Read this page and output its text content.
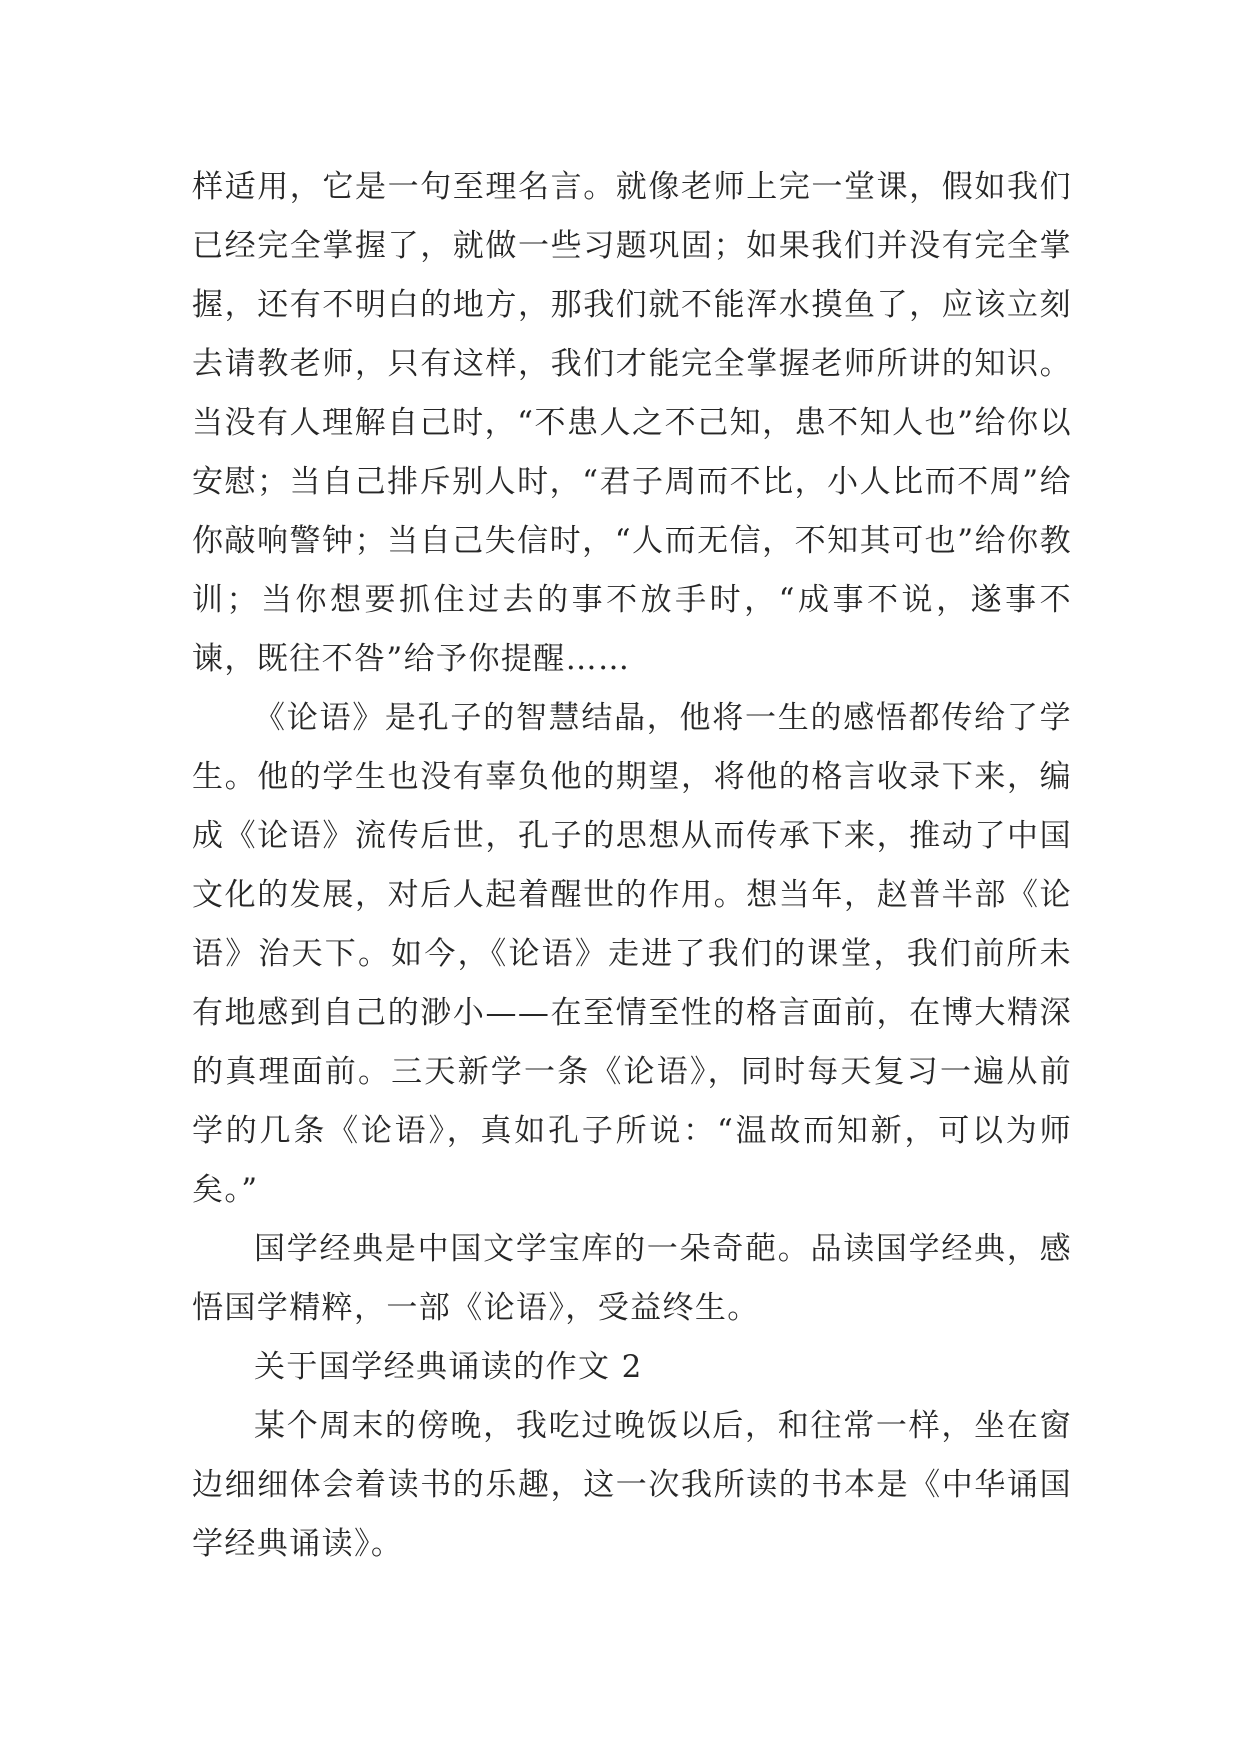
样适用，它是一句至理名言。就像老师上完一堂课，假如我们已经完全掌握了，就做一些习题巩固；如果我们并没有完全掌握，还有不明白的地方，那我们就不能浑水摸鱼了，应该立刻去请教老师，只有这样，我们才能完全掌握老师所讲的知识。当没有人理解自己时，“不患人之不己知，患不知人也”给你以安慰；当自己排斥别人时，“君子周而不比，小人比而不周”给你敲响警钟；当自己失信时，“人而无信，不知其可也”给你教训；当你想要抓住过去的事不放手时，“成事不说，遂事不谏，既往不咎”给予你提醒……

《论语》是孔子的智慧结晶，他将一生的感悟都传给了学生。他的学生也没有辜负他的期望，将他的格言收录下来，编成《论语》流传后世，孔子的思想从而传承下来，推动了中国文化的发展，对后人起着醒世的作用。想当年，赵普半部《论语》治天下。如今，《论语》走进了我们的课堂，我们前所未有地感到自己的渺小——在至情至性的格言面前，在博大精深的真理面前。三天新学一条《论语》，同时每天复习一遍从前学的几条《论语》，真如孔子所说：“温故而知新，可以为师矣。”

国学经典是中国文学宝库的一朵奇葩。品读国学经典，感悟国学精粹，一部《论语》，受益终生。

关于国学经典诵读的作文 2

某个周末的傍晚，我吃过晚饭以后，和往常一样，坐在窗边细细体会着读书的乐趣，这一次我所读的书本是《中华诵国学经典诵读》。
